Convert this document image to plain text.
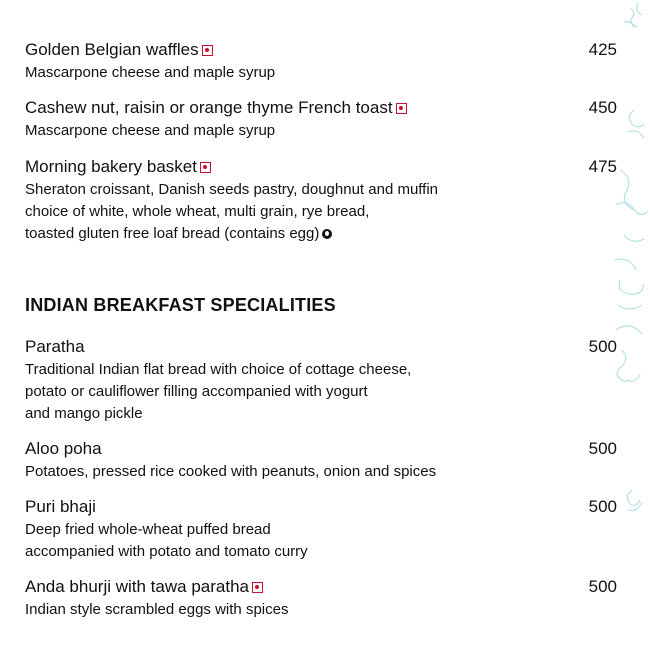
Golden Belgian waffles	425
Mascarpone cheese and maple syrup
Cashew nut, raisin or orange thyme French toast	450
Mascarpone cheese and maple syrup
Morning bakery basket	475
Sheraton croissant, Danish seeds pastry, doughnut and muffin
choice of white, whole wheat, multi grain, rye bread,
toasted gluten free loaf bread (contains egg)
INDIAN BREAKFAST SPECIALITIES
Paratha	500
Traditional Indian flat bread with choice of cottage cheese,
potato or cauliflower filling accompanied with yogurt
and mango pickle
Aloo poha	500
Potatoes, pressed rice cooked with peanuts, onion and spices
Puri bhaji	500
Deep fried whole-wheat puffed bread
accompanied with potato and tomato curry
Anda bhurji with tawa paratha	500
Indian style scrambled eggs with spices
